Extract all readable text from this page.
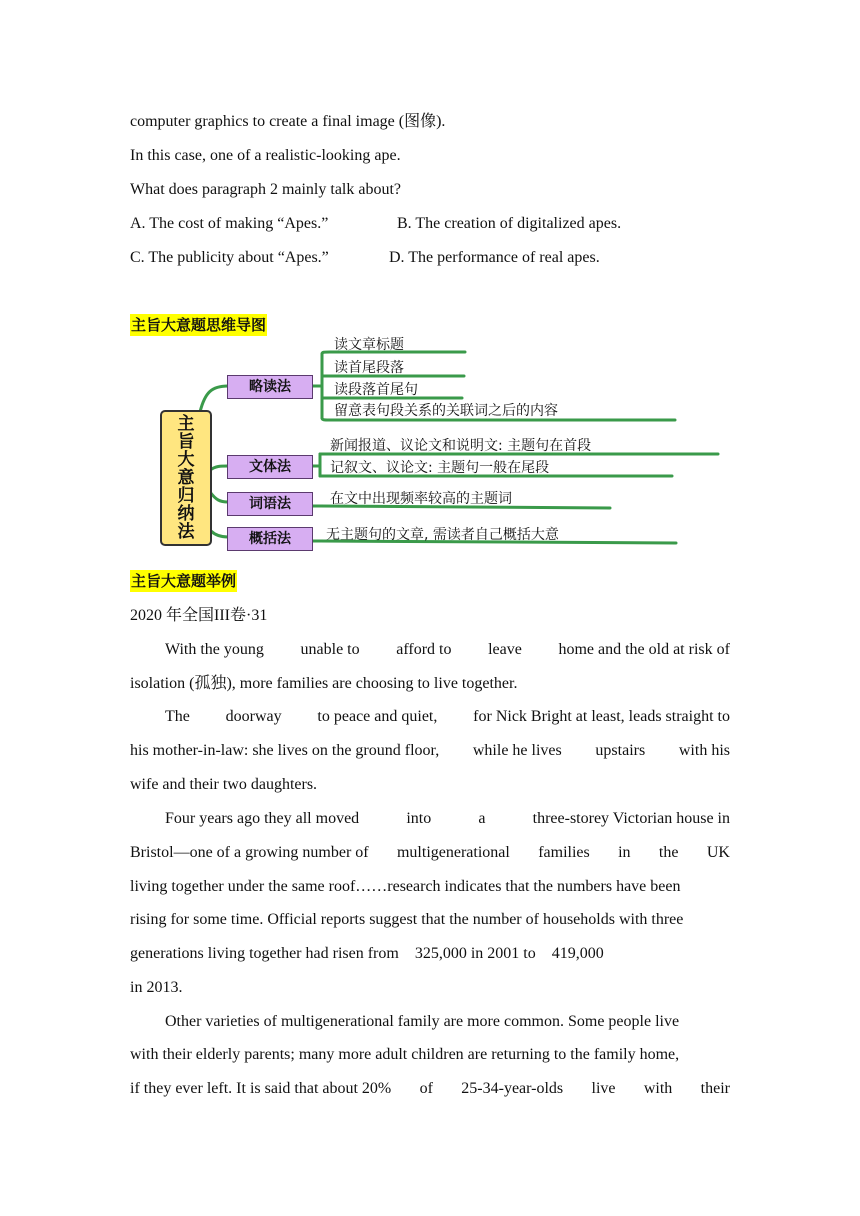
computer graphics to create a final image (图像).
In this case, one of a realistic-looking ape.
What does paragraph 2 mainly talk about?
A. The cost of making “Apes.”	B. The creation of digitalized apes.
C. The publicity about “Apes.”	D. The performance of real apes.
主旨大意题思维导图
主
旨
大
意
归
纳
法
略读法
文体法
词语法
概括法
读文章标题
读首尾段落
读段落首尾句
留意表句段关系的关联词之后的内容
新闻报道、议论文和说明文: 主题句在首段
记叙文、议论文: 主题句一般在尾段
在文中出现频率较高的主题词
无主题句的文章, 需读者自己概括大意
主旨大意题举例
2020 年全国III卷·31
With the young unable to afford to leave home and the old at risk of
isolation (孤独), more families are choosing to live together.
The doorway to peace and quiet, for Nick Bright at least, leads straight to
his mother-in-law: she lives on the ground floor, while he lives upstairs with his
wife and their two daughters.
Four years ago they all moved	into	a	three-storey Victorian house in
Bristol—one of a growing number of multigenerational families in the UK
living together under the same roof……research indicates that the numbers have been
rising for some time. Official reports suggest that the number of households with three
generations living together had risen from    325,000 in 2001 to    419,000
in 2013.
Other varieties of multigenerational family are more common. Some people live
with their elderly parents; many more adult children are returning to the family home,
if they ever left. It is said that about 20% of 25-34-year-olds live with their
